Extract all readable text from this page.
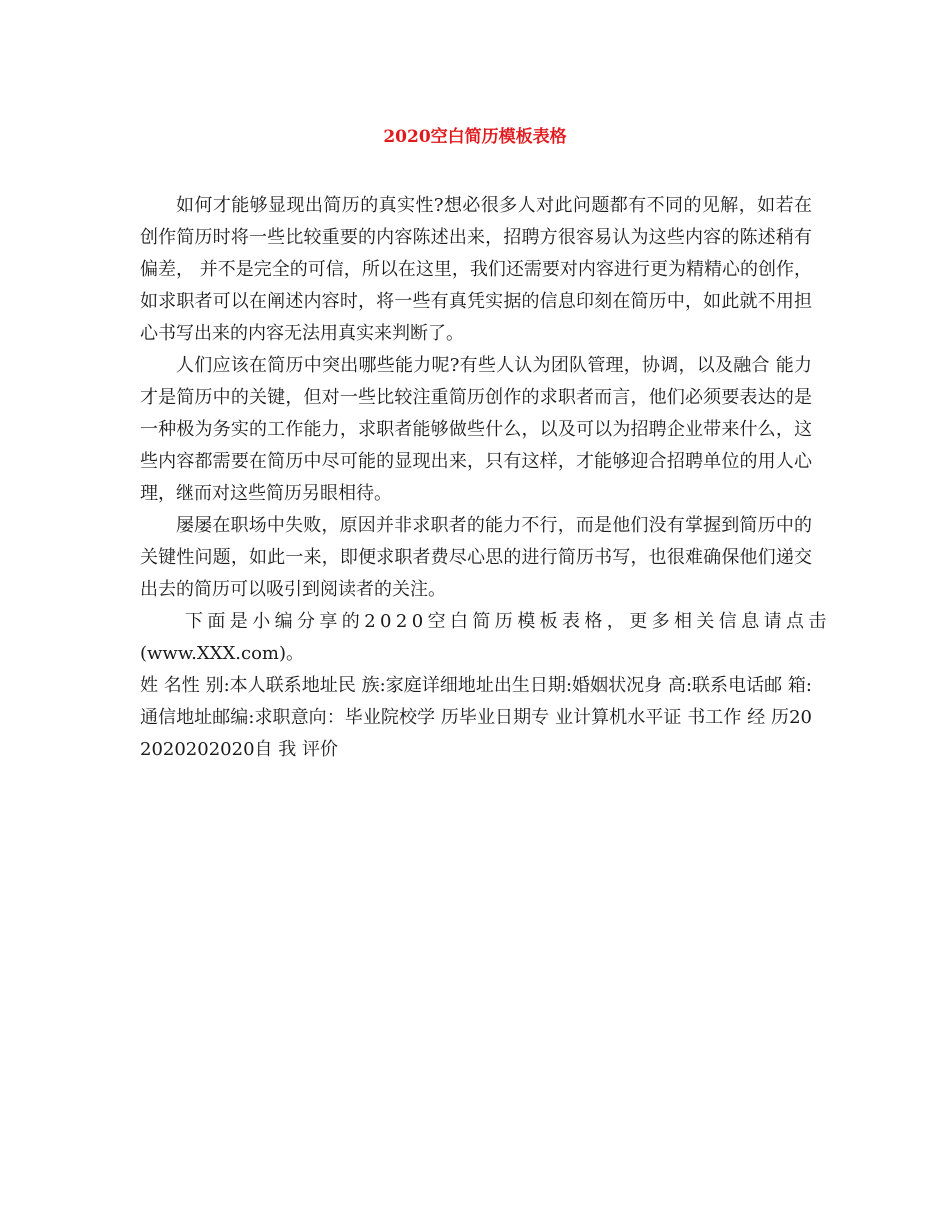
2020空白简历模板表格

如何才能够显现出简历的真实性?想必很多人对此问题都有不同的见解，如若在创作简历时将一些比较重要的内容陈述出来，招聘方很容易认为这些内容的陈述稍有偏差， 并不是完全的可信，所以在这里，我们还需要对内容进行更为精精心的创作，如求职者可以在阐述内容时，将一些有真凭实据的信息印刻在简历中，如此就不用担心书写出来的内容无法用真实来判断了。

人们应该在简历中突出哪些能力呢?有些人认为团队管理，协调，以及融合 能力才是简历中的关键，但对一些比较注重简历创作的求职者而言，他们必须要表达的是一种极为务实的工作能力，求职者能够做些什么，以及可以为招聘企业带来什么，这些内容都需要在简历中尽可能的显现出来，只有这样，才能够迎合招聘单位的用人心理，继而对这些简历另眼相待。

屡屡在职场中失败，原因并非求职者的能力不行，而是他们没有掌握到简历中的关键性问题，如此一来，即便求职者费尽心思的进行简历书写，也很难确保他们递交出去的简历可以吸引到阅读者的关注。

下面是小编分享的2020空白简历模板表格，更多相关信息请点击

(www.XXX.com)。

姓 名性 别:本人联系地址民 族:家庭详细地址出生日期:婚姻状况身 高:联系电话邮 箱:通信地址邮编:求职意向：毕业院校学 历毕业日期专 业计算机水平证 书工作 经 历202020202020自 我 评价
